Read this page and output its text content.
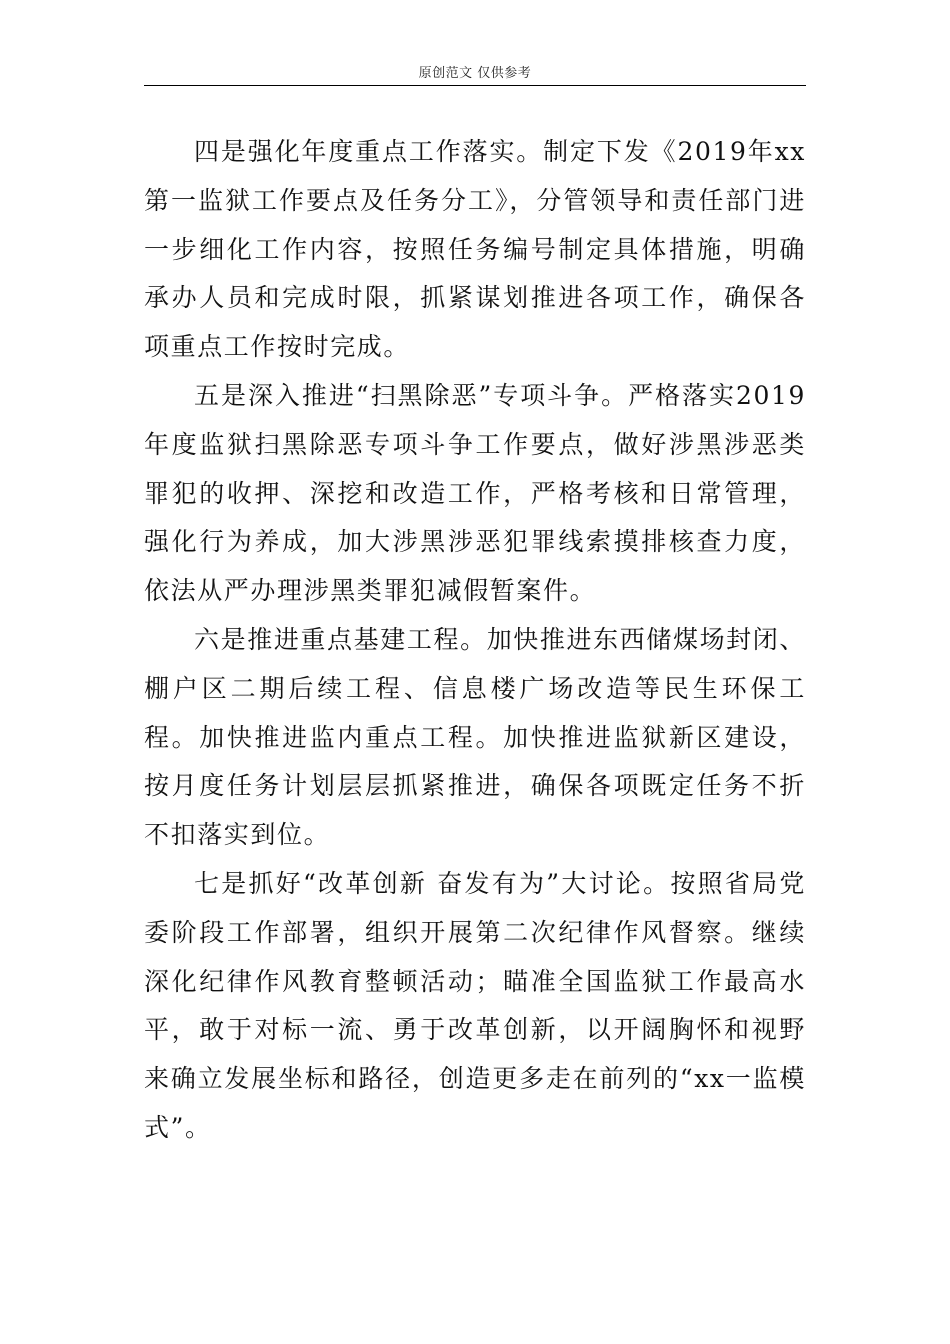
原创范文 仅供参考

四是强化年度重点工作落实。制定下发《2019年xx第一监狱工作要点及任务分工》，分管领导和责任部门进一步细化工作内容，按照任务编号制定具体措施，明确承办人员和完成时限，抓紧谋划推进各项工作，确保各项重点工作按时完成。

五是深入推进“扫黑除恶”专项斗争。严格落实2019年度监狱扫黑除恶专项斗争工作要点，做好涉黑涉恶类罪犯的收押、深挖和改造工作，严格考核和日常管理，强化行为养成，加大涉黑涉恶犯罪线索摸排核查力度，依法从严办理涉黑类罪犯减假暂案件。

六是推进重点基建工程。加快推进东西储煤场封闭、棚户区二期后续工程、信息楼广场改造等民生环保工程。加快推进监内重点工程。加快推进监狱新区建设，按月度任务计划层层抓紧推进，确保各项既定任务不折不扣落实到位。

七是抓好“改革创新 奋发有为”大讨论。按照省局党委阶段工作部署，组织开展第二次纪律作风督察。继续深化纪律作风教育整顿活动；瞄准全国监狱工作最高水平，敢于对标一流、勇于改革创新，以开阔胸怀和视野来确立发展坐标和路径，创造更多走在前列的“xx一监模式”。
